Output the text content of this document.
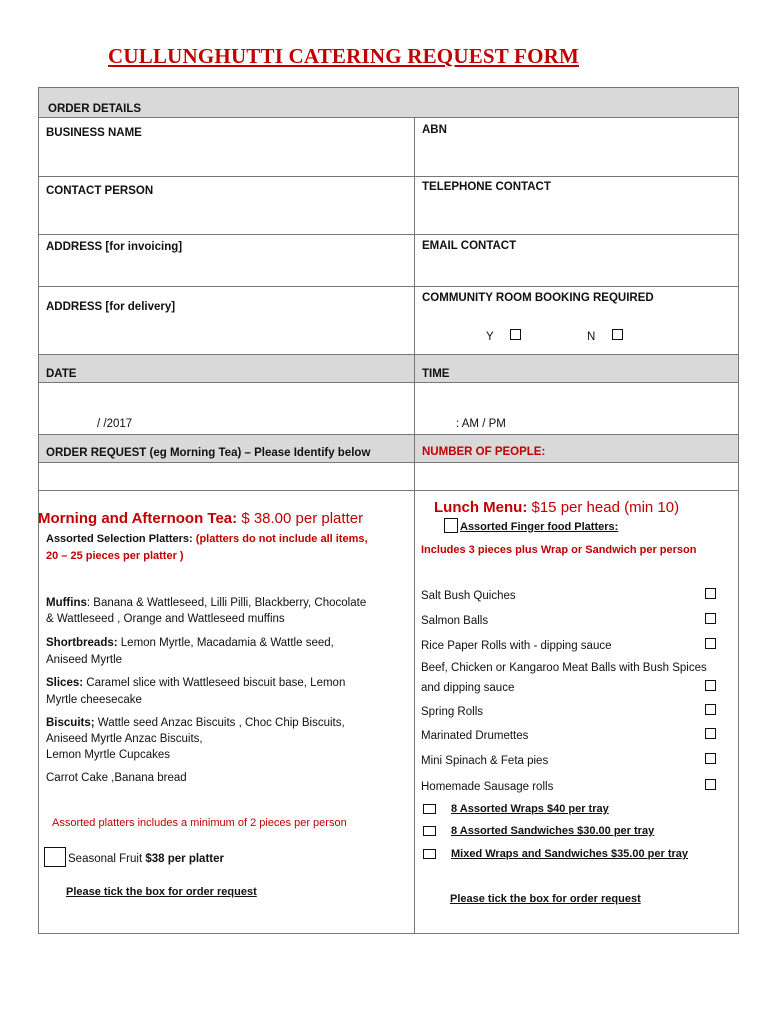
CULLUNGHUTTI CATERING REQUEST FORM
ORDER DETAILS
BUSINESS NAME	ABN
CONTACT PERSON	TELEPHONE CONTACT
ADDRESS [for invoicing]	EMAIL CONTACT
ADDRESS [for delivery]
COMMUNITY ROOM BOOKING REQUIRED
Y	N
DATE	TIME
/ /2017	: AM / PM
ORDER REQUEST (eg Morning Tea) – Please Identify below	NUMBER OF PEOPLE:
Morning and Afternoon Tea: $ 38.00 per platter
Assorted Selection Platters: (platters do not include all items,
20 – 25 pieces per platter )
Muffins: Banana & Wattleseed, Lilli Pilli, Blackberry, Chocolate
& Wattleseed , Orange and Wattleseed muffins
Shortbreads: Lemon Myrtle, Macadamia & Wattle seed,
Aniseed Myrtle
Slices: Caramel slice with Wattleseed biscuit base, Lemon
Myrtle cheesecake
Biscuits; Wattle seed Anzac Biscuits , Choc Chip Biscuits,
Aniseed Myrtle Anzac Biscuits,
Lemon Myrtle Cupcakes
Carrot Cake ,Banana bread
Assorted platters includes a minimum of 2 pieces per person
Seasonal Fruit $38 per platter
Please tick the box for order request
Lunch Menu: $15 per head (min 10)
Assorted Finger food Platters:
Includes 3 pieces plus Wrap or Sandwich per person
Salt Bush Quiches
Salmon Balls
Rice Paper Rolls with - dipping sauce
Beef, Chicken or Kangaroo Meat Balls with Bush Spices
and dipping sauce
Spring Rolls
Marinated Drumettes
Mini Spinach & Feta pies
Homemade Sausage rolls
8 Assorted Wraps $40 per tray
8 Assorted Sandwiches $30.00 per tray
Mixed Wraps and Sandwiches $35.00 per tray
Please tick the box for order request
